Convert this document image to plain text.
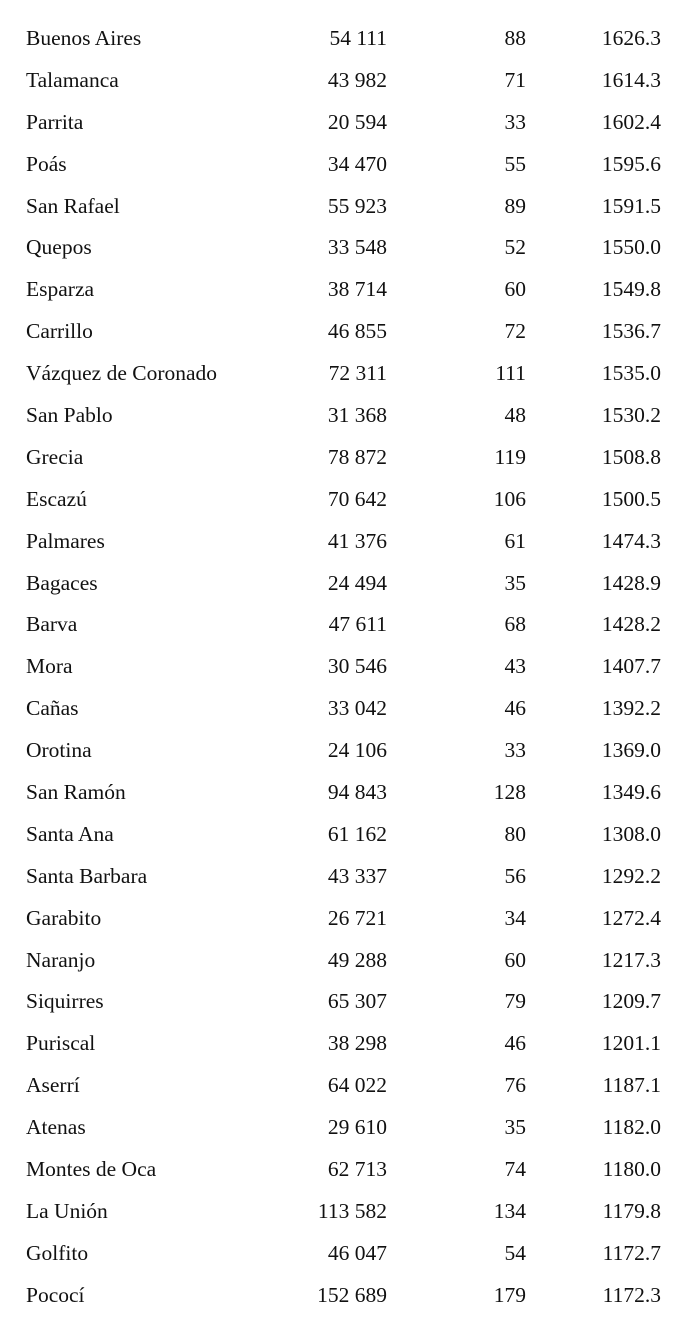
Buenos Aires	54 111	88	1626.3
Talamanca	43 982	71	1614.3
Parrita	20 594	33	1602.4
Poás	34 470	55	1595.6
San Rafael	55 923	89	1591.5
Quepos	33 548	52	1550.0
Esparza	38 714	60	1549.8
Carrillo	46 855	72	1536.7
Vázquez de Coronado	72 311	111	1535.0
San Pablo	31 368	48	1530.2
Grecia	78 872	119	1508.8
Escazú	70 642	106	1500.5
Palmares	41 376	61	1474.3
Bagaces	24 494	35	1428.9
Barva	47 611	68	1428.2
Mora	30 546	43	1407.7
Cañas	33 042	46	1392.2
Orotina	24 106	33	1369.0
San Ramón	94 843	128	1349.6
Santa Ana	61 162	80	1308.0
Santa Barbara	43 337	56	1292.2
Garabito	26 721	34	1272.4
Naranjo	49 288	60	1217.3
Siquirres	65 307	79	1209.7
Puriscal	38 298	46	1201.1
Aserrí	64 022	76	1187.1
Atenas	29 610	35	1182.0
Montes de Oca	62 713	74	1180.0
La Unión	113 582	134	1179.8
Golfito	46 047	54	1172.7
Pococí	152 689	179	1172.3
